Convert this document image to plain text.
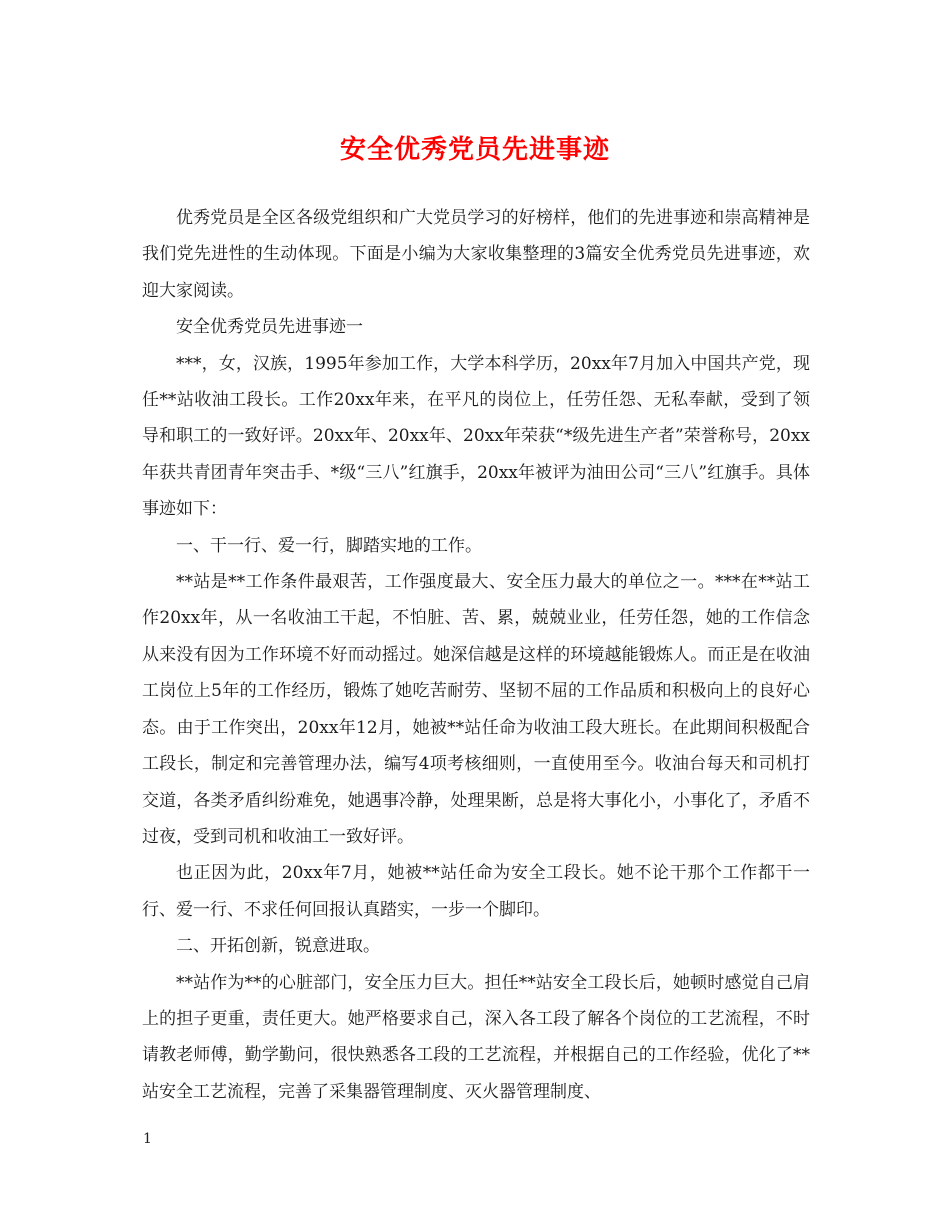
安全优秀党员先进事迹

优秀党员是全区各级党组织和广大党员学习的好榜样，他们的先进事迹和崇高精神是我们党先进性的生动体现。下面是小编为大家收集整理的3篇安全优秀党员先进事迹，欢迎大家阅读。

安全优秀党员先进事迹一

***，女，汉族，1995年参加工作，大学本科学历，20xx年7月加入中国共产党，现任**站收油工段长。工作20xx年来，在平凡的岗位上，任劳任怨、无私奉献，受到了领导和职工的一致好评。20xx年、20xx年、20xx年荣获“*级先进生产者”荣誉称号，20xx年获共青团青年突击手、*级“三八”红旗手，20xx年被评为油田公司“三八”红旗手。具体事迹如下：

一、干一行、爱一行，脚踏实地的工作。

**站是**工作条件最艰苦，工作强度最大、安全压力最大的单位之一。***在**站工作20xx年，从一名收油工干起，不怕脏、苦、累，兢兢业业，任劳任怨，她的工作信念从来没有因为工作环境不好而动摇过。她深信越是这样的环境越能锻炼人。而正是在收油工岗位上5年的工作经历，锻炼了她吃苦耐劳、坚韧不屈的工作品质和积极向上的良好心态。由于工作突出，20xx年12月，她被**站任命为收油工段大班长。在此期间积极配合工段长，制定和完善管理办法，编写4项考核细则，一直使用至今。收油台每天和司机打交道，各类矛盾纠纷难免，她遇事冷静，处理果断，总是将大事化小，小事化了，矛盾不过夜，受到司机和收油工一致好评。

也正因为此，20xx年7月，她被**站任命为安全工段长。她不论干那个工作都干一行、爱一行、不求任何回报认真踏实，一步一个脚印。

二、开拓创新，锐意进取。

**站作为**的心脏部门，安全压力巨大。担任**站安全工段长后，她顿时感觉自己肩上的担子更重，责任更大。她严格要求自己，深入各工段了解各个岗位的工艺流程，不时请教老师傅，勤学勤问，很快熟悉各工段的工艺流程，并根据自己的工作经验，优化了**站安全工艺流程，完善了采集器管理制度、灭火器管理制度、

1
